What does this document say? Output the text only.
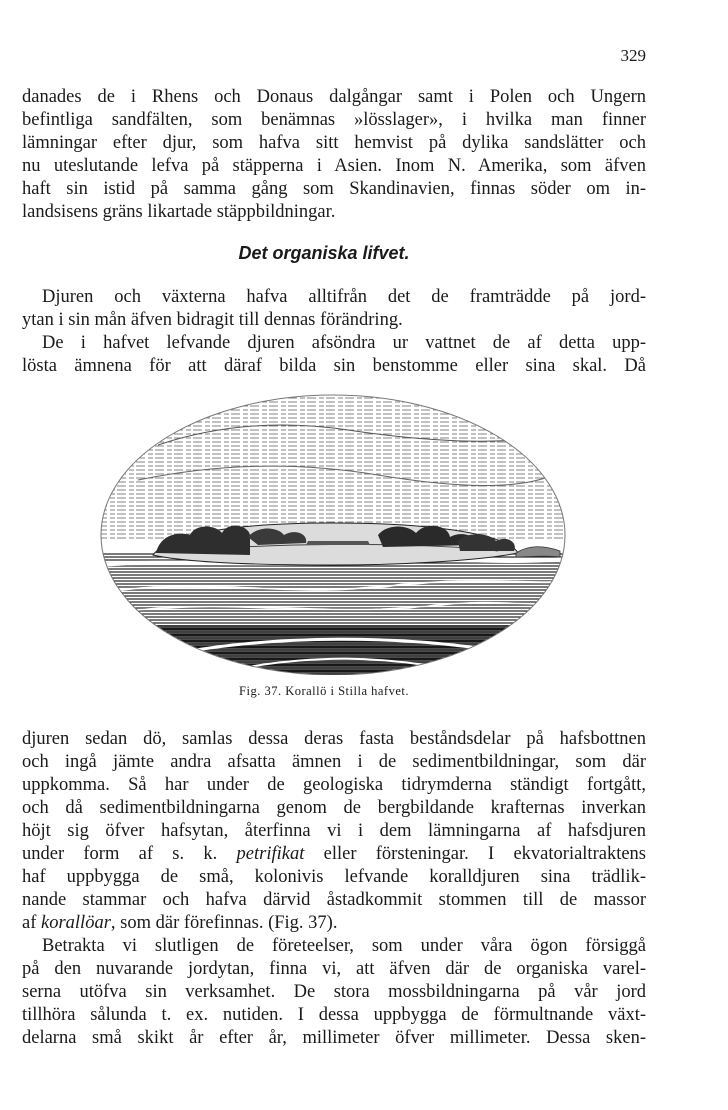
329
danades de i Rhens och Donaus dalgångar samt i Polen och Ungern
befintliga sandfälten, som benämnas »lösslager», i hvilka man finner
lämningar efter djur, som hafva sitt hemvist på dylika sandslätter och
nu uteslutande lefva på stäpperna i Asien. Inom N. Amerika, som äfven
haft sin istid på samma gång som Skandinavien, finnas söder om in-
landsisens gräns likartade stäppbildningar.
Det organiska lifvet.
Djuren och växterna hafva alltifrån det de framträdde på jord-
ytan i sin mån äfven bidragit till dennas förändring.
De i hafvet lefvande djuren afsöndra ur vattnet de af detta upp-
lösta ämnena för att däraf bilda sin benstomme eller sina skal. Då
Fig. 37. Korallö i Stilla hafvet.
djuren sedan dö, samlas dessa deras fasta beståndsdelar på hafsbottnen
och ingå jämte andra afsatta ämnen i de sedimentbildningar, som där
uppkomma. Så har under de geologiska tidrymderna ständigt fortgått,
och då sedimentbildningarna genom de bergbildande krafternas inverkan
höjt sig öfver hafsytan, återfinna vi i dem lämningarna af hafsdjuren
under form af s. k. petrifikat eller försteningar. I ekvatorialtraktens
haf uppbygga de små, kolonivis lefvande koralldjuren sina trädlik-
nande stammar och hafva därvid åstadkommit stommen till de massor
af korallöar, som där förefinnas. (Fig. 37).
Betrakta vi slutligen de företeelser, som under våra ögon försiggå
på den nuvarande jordytan, finna vi, att äfven där de organiska varel-
serna utöfva sin verksamhet. De stora mossbildningarna på vår jord
tillhöra sålunda t. ex. nutiden. I dessa uppbygga de förmultnande växt-
delarna små skikt år efter år, millimeter öfver millimeter. Dessa sken-
